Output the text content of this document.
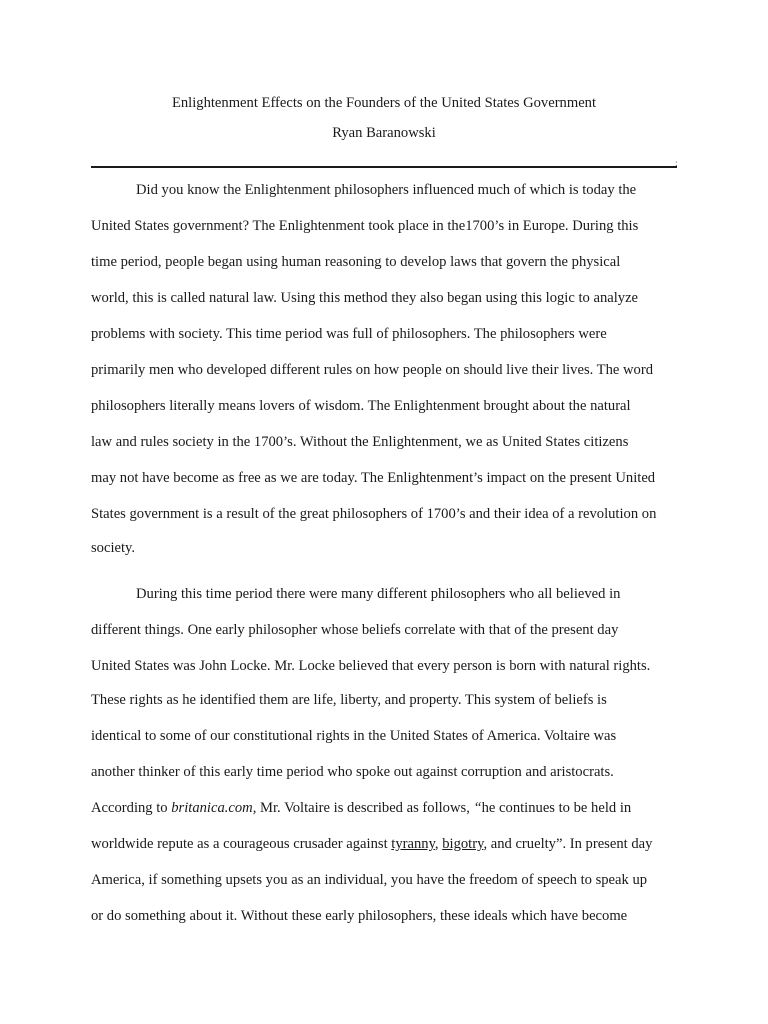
Enlightenment Effects on the Founders of the United States Government
Ryan Baranowski
:
Did you know the Enlightenment philosophers influenced much of which is today the
United States government? The Enlightenment took place in the1700’s in Europe. During this
time period, people began using human reasoning to develop laws that govern the physical
world, this is called natural law. Using this method they also began using this logic to analyze
problems with society. This time period was full of philosophers. The philosophers were
primarily men who developed different rules on how people on should live their lives. The word
philosophers literally means lovers of wisdom. The Enlightenment brought about the natural
law and rules society in the 1700’s. Without the Enlightenment, we as United States citizens
may not have become as free as we are today. The Enlightenment’s impact on the present United
States government is a result of the great philosophers of 1700’s and their idea of a revolution on
society.
During this time period there were many different philosophers who all believed in
different things. One early philosopher whose beliefs correlate with that of the present day
United States was John Locke. Mr. Locke believed that every person is born with natural rights.
These rights as he identified them are life, liberty, and property. This system of beliefs is
identical to some of our constitutional rights in the United States of America. Voltaire was
another thinker of this early time period who spoke out against corruption and aristocrats.
According to britanica.com, Mr. Voltaire is described as follows, “he continues to be held in
worldwide repute as a courageous crusader against tyranny, bigotry, and cruelty”. In present day
America, if something upsets you as an individual, you have the freedom of speech to speak up
or do something about it. Without these early philosophers, these ideals which have become
